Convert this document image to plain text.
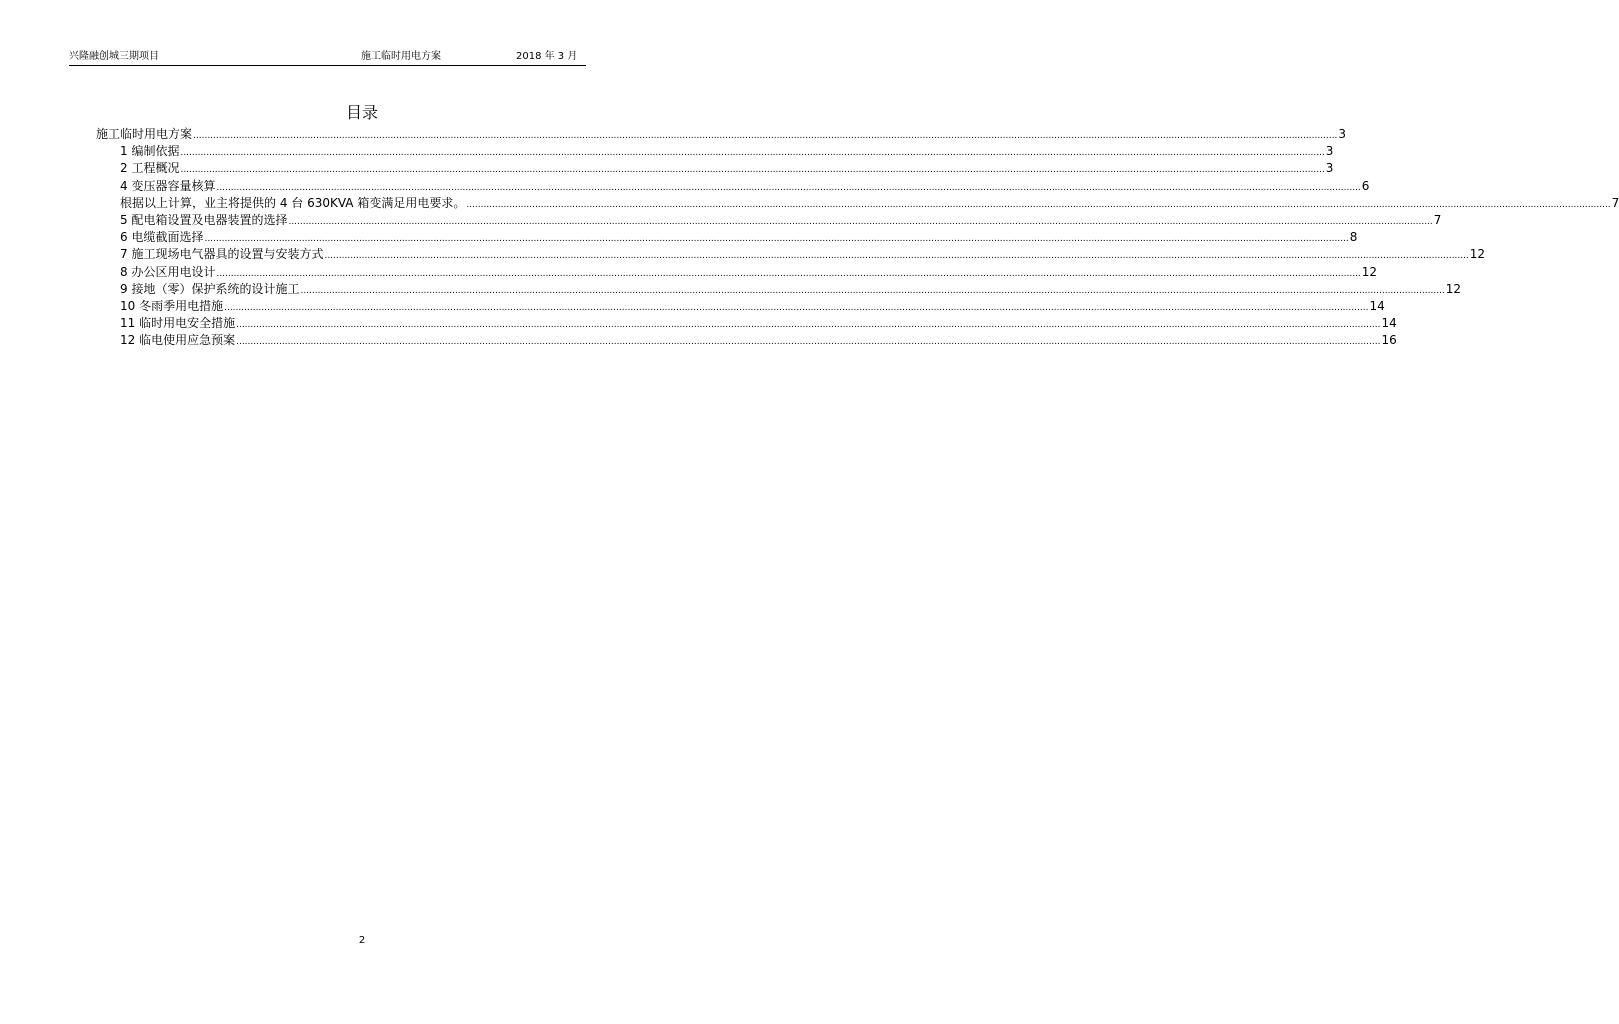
兴隆融创城三期项目	施工临时用电方案	2018 年 3 月
目录
施工临时用电方案 ................................................................................................................................................................................................................................................................................................................................................................................................................ 3
1 编制依据 ................................................................................................................................................................................................................................................................................................................................................................................................................ 3
2 工程概况 ................................................................................................................................................................................................................................................................................................................................................................................................................ 3
4 变压器容量核算 ................................................................................................................................................................................................................................................................................................................................................................................................................ 6
根据以上计算，业主将提供的 4 台 630KVA 箱变满足用电要求。 ................................................................................................................................................................................................................................................................................................................................................................................................................ 7
5 配电箱设置及电器装置的选择 ................................................................................................................................................................................................................................................................................................................................................................................................................ 7
6 电缆截面选择 ................................................................................................................................................................................................................................................................................................................................................................................................................ 8
7 施工现场电气器具的设置与安装方式 ................................................................................................................................................................................................................................................................................................................................................................................................................ 12
8 办公区用电设计 ................................................................................................................................................................................................................................................................................................................................................................................................................ 12
9 接地（零）保护系统的设计施工 ................................................................................................................................................................................................................................................................................................................................................................................................................ 12
10 冬雨季用电措施 ................................................................................................................................................................................................................................................................................................................................................................................................................ 14
11 临时用电安全措施 ................................................................................................................................................................................................................................................................................................................................................................................................................ 14
12 临电使用应急预案 ................................................................................................................................................................................................................................................................................................................................................................................................................ 16
2
